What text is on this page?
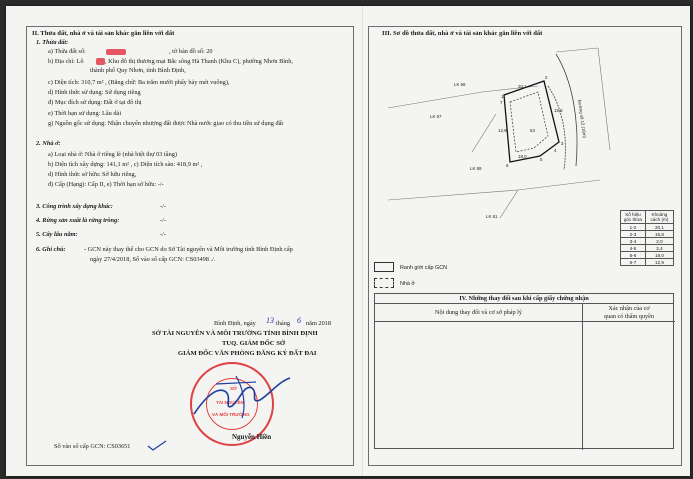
II. Thửa đất, nhà ở và tài sản khác gắn liền với đất
1. Thửa đất:
a) Thửa đất số:	, tờ bản đồ số: 20
b) Địa chỉ: Lô	, Khu đô thị thương mại Bắc sông Hà Thanh (Khu C), phường Nhơn Bình,
thành phố Quy Nhơn, tỉnh Bình Định,
c) Diện tích: 310,7 m² , (Bằng chữ: Ba trăm mười phẩy bảy mét vuông),
d) Hình thức sử dụng: Sử dụng riêng
đ) Mục đích sử dụng: Đất ở tại đô thị
e) Thời hạn sử dụng: Lâu dài
g) Nguồn gốc sử dụng: Nhận chuyển nhượng đất được Nhà nước giao có thu tiền sử dụng đất
2. Nhà ở:
a) Loại nhà ở: Nhà ở riêng lẻ (nhà biệt thự 03 tầng)
b) Diện tích xây dựng: 141,1 m² , c) Diện tích sàn: 418,9 m² ,
d) Hình thức sở hữu: Sở hữu riêng,
đ) Cấp (Hạng): Cấp II, e) Thời hạn sở hữu: -/-
3. Công trình xây dựng khác:	-/-
4. Rừng sản xuất là rừng trồng:	-/-
5. Cây lâu năm:	-/-
6. Ghi chú:	- GCN này thay thế cho GCN do Sở Tài nguyên và Môi trường tỉnh Bình Định cấp
ngày 27/4/2018, Số vào sổ cấp GCN: CS03498 ./.
Bình Định, ngày 13 tháng 6 năm 2018
SỞ TÀI NGUYÊN VÀ MÔI TRƯỜNG TỈNH BÌNH ĐỊNH
TUQ. GIÁM ĐỐC SỞ
GIÁM ĐỐC VĂN PHÒNG ĐĂNG KÝ ĐẤT ĐAI
SỞ
TÀI NGUYÊN
VÀ MÔI TRƯỜNG
Nguyễn Hiền
Số vào sổ cấp GCN: CS03651
III. Sơ đồ thửa đất, nhà ở và tài sản khác gắn liền với đất
LK 67
LK 66
LK 69
LK 61
63
1
2
3
4
5
6
7
20,1
15,8
18,0
12,9	Đường số 12 (16m)
Số hiệu góc thửa	Khoảng cách (m)
1-2	20,1
2-3	15,8
3-4	2,0
4-5	2,4
5-6	18,0
6-7	12,9
Ranh giới cấp GCN
Nhà ở
IV. Những thay đổi sau khi cấp giấy chứng nhận
Nội dung thay đổi và cơ sở pháp lý
Xác nhận của cơ
quan có thẩm quyền
